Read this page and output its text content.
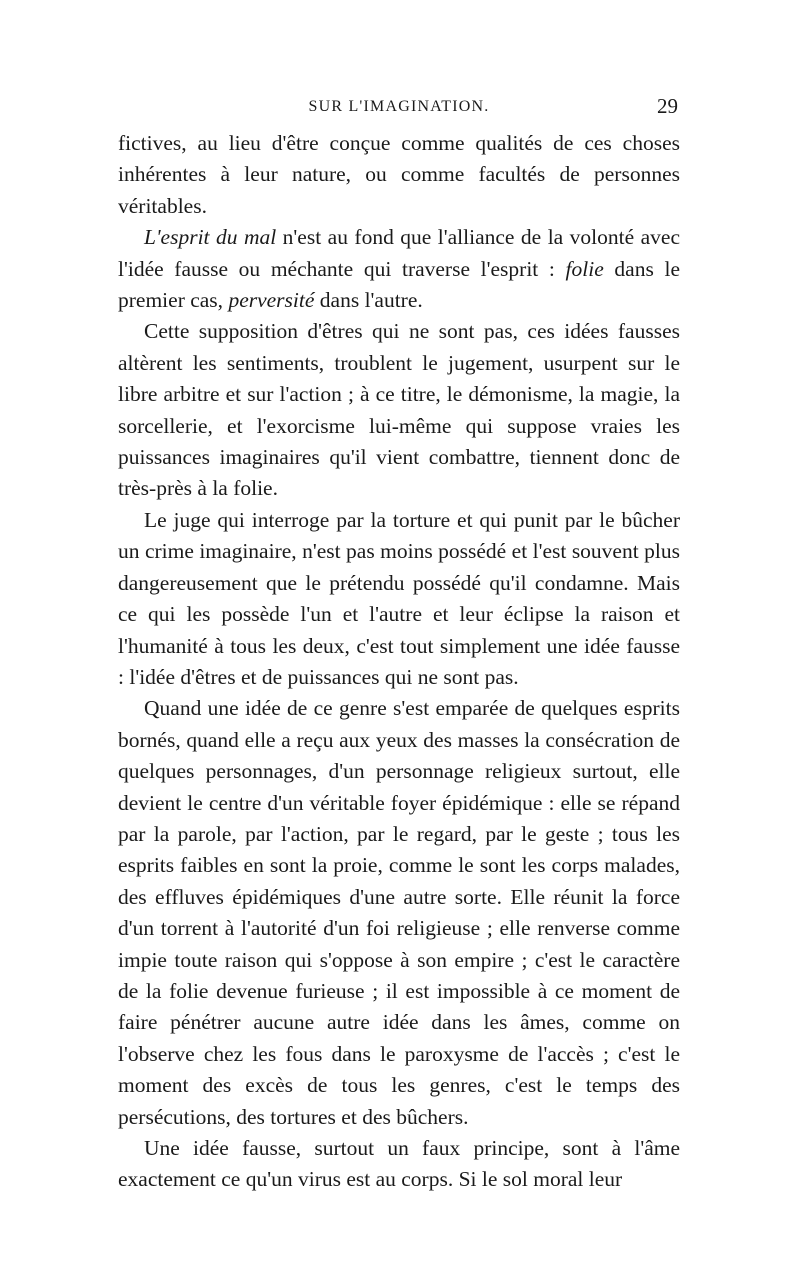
SUR L'IMAGINATION.	29

fictives, au lieu d'être conçue comme qualités de ces choses inhérentes à leur nature, ou comme facultés de personnes véritables.

L'esprit du mal n'est au fond que l'alliance de la volonté avec l'idée fausse ou méchante qui traverse l'esprit : folie dans le premier cas, perversité dans l'autre.

Cette supposition d'êtres qui ne sont pas, ces idées fausses altèrent les sentiments, troublent le jugement, usurpent sur le libre arbitre et sur l'action ; à ce titre, le démonisme, la magie, la sorcellerie, et l'exorcisme lui-même qui suppose vraies les puissances imaginaires qu'il vient combattre, tiennent donc de très-près à la folie.

Le juge qui interroge par la torture et qui punit par le bûcher un crime imaginaire, n'est pas moins possédé et l'est souvent plus dangereusement que le prétendu possédé qu'il condamne. Mais ce qui les possède l'un et l'autre et leur éclipse la raison et l'humanité à tous les deux, c'est tout simplement une idée fausse : l'idée d'êtres et de puissances qui ne sont pas.

Quand une idée de ce genre s'est emparée de quelques esprits bornés, quand elle a reçu aux yeux des masses la consécration de quelques personnages, d'un personnage religieux surtout, elle devient le centre d'un véritable foyer épidémique : elle se répand par la parole, par l'action, par le regard, par le geste ; tous les esprits faibles en sont la proie, comme le sont les corps malades, des effluves épidémiques d'une autre sorte. Elle réunit la force d'un torrent à l'autorité d'un foi religieuse ; elle renverse comme impie toute raison qui s'oppose à son empire ; c'est le caractère de la folie devenue furieuse ; il est impossible à ce moment de faire pénétrer aucune autre idée dans les âmes, comme on l'observe chez les fous dans le paroxysme de l'accès ; c'est le moment des excès de tous les genres, c'est le temps des persécutions, des tortures et des bûchers.

Une idée fausse, surtout un faux principe, sont à l'âme exactement ce qu'un virus est au corps. Si le sol moral leur
